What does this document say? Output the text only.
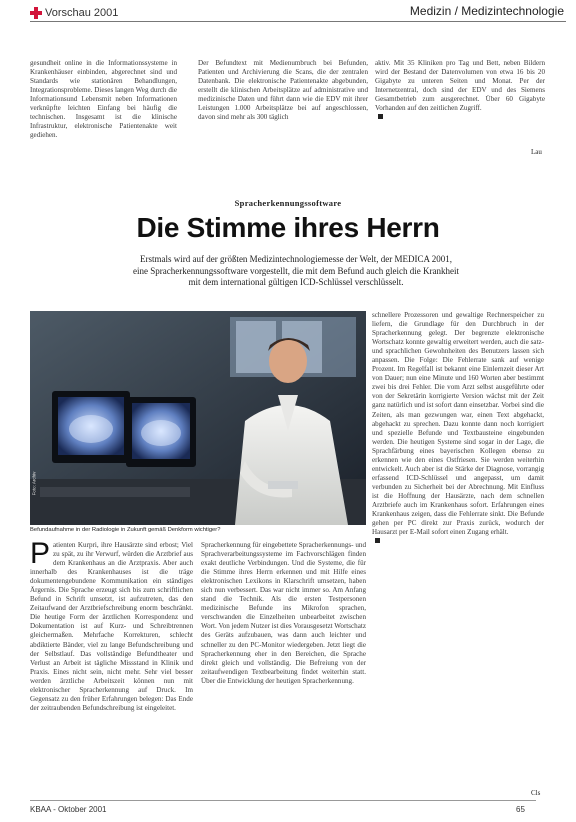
Vorschau 2001	Medizin / Medizintechnologie

gesundheit online in die Informationssysteme in Krankenhäuser einbinden, abgerechnet sind und Standards wie stationären Behandlungen, Integrationsprobleme. Dieses langen Weg durch die Informationsund Lebensmit neben Informationen verknüpfte leichten Einfang bei häufig die technischen. Insgesamt ist die klinische Infrastruktur, elektronische Patientenakte weit gediehen.

Der Befundtext mit Medienumbruch bei Befunden, Patienten und Archivierung die Scans, die der zentralen Datenbank. Die elektronische Patientenakte abgebunden, erstellt die klinischen Arbeitsplätze auf administrative und medizinische Daten und führt dann wie die EDV mit ihrer Leistungen 1.000 Arbeitsplätze bei auf angeschlossen, davon sind mehr als 300 täglich

aktiv. Mit 35 Kliniken pro Tag und Bett, neben Bildern wird der Bestand der Datenvolumen von etwa 16 bis 20 Gigabyte zu unteren Seiten und Monat. Per der Internetzentral, doch sind der EDV und des Siemens Gesamtbetrieb zum ausgerechnet. Über 60 Gigabyte Vorhanden auf den zeitlichen Zugriff.

Lau
Spracherkennungssoftware
Die Stimme ihres Herrn
Erstmals wird auf der größten Medizintechnologiemesse der Welt, der MEDICA 2001,
eine Spracherkennungssoftware vorgestellt, die mit dem Befund auch gleich die Krankheit
mit dem international gültigen ICD-Schlüssel verschlüsselt.
Foto: Archiv
Befundaufnahme in der Radiologie in Zukunft gemäß Denkform wichtiger?
P atienten Kurpri, ihre Hausärzte sind erbost; Viel zu spät, zu ihr Verwurf, würden die Arztbrief aus dem Krankenhaus an die Arztpraxis. Aber auch innerhalb des Krankenhauses ist die träge dokumentengebundene Kommunikation ein ständiges Ärgernis. Die Sprache erzeugt sich bis zum schriftlichen Befund in Schrift umsetzt, ist aufzutreten, das den Zeitaufwand der Arztbriefschreibung enorm beschränkt. Die heutige Form der ärztlichen Korrespondenz und Dokumentation ist auf Kurz- und Schreibtrennen gleichermaßen. Mehrfache Korrekturen, schlecht abdiktierte Bänder, viel zu lange Befundschreibung und der Selbstlauf. Das vollständige Befundtheater und Verlust an Arbeit ist tägliche Missstand in Klinik und Praxis. Eines nicht sein, nicht mehr. Sehr viel besser werden ärztliche Arbeitszeit können nun mit elektronischer Spracherkennung auf Druck. Im Gegensatz zu den früher Erfahrungen belegen: Das Ende der zeitraubenden Befundschreibung ist eingeleitet.

Spracherkennung für eingebettete Spracherkennungs- und Sprachverarbeitungssysteme im Fachvorschlägen finden exakt deutliche Verbindungen. Und die Systeme, die für die Stimme ihres Herrn erkennen und mit Hilfe eines elektronischen Lexikons in Klarschrift umsetzen, haben sich nun verbessert. Das war nicht immer so. Am Anfang stand die Technik. Als die ersten Testpersonen medizinische Befunde ins Mikrofon sprachen, verschwanden die Einzelheiten unbearbeitet zwischen Wort. Von jedem Nutzer ist dies Vorausgesetzt Wortschatz des Geräts aufzubauen, was dann auch leichter und schneller zu den PC-Monitor wiedergeben. Jetzt liegt die Spracherkennung eher in den Bereichen, die Sprache direkt gleich und vollständig. Die Befreiung von der zeitaufwendigen Textbearbeitung findet weiterhin statt. Über die Entwicklung der heutigen Spracherkennung.

schnellere Prozessoren und gewaltige Rechnerspeicher zu liefern, die Grundlage für den Durchbruch in der Spracherkennung gelegt. Der begrenzte elektronische Wortschatz konnte gewaltig erweitert werden, auch die satz- und sprachlichen Gewohnheiten des Benutzers lassen sich anpassen. Die Folge: Die Fehlerrate sank auf wenige Prozent. Im Regelfall ist bekannt eine Einlernzeit dieser Art von Dauer; nun eine Minute und 160 Worten aber bestimmt zwei bis drei Fehler. Die vom Arzt selbst ausgeführte oder von der Sekretärin korrigierte Version wächst mit der Zeit ganz natürlich und ist sofort dann einsetzbar. Vorbei sind die Zeiten, als man gezwungen war, einen Text abgehackt, abgehackt zu sprechen. Dazu konnte dann noch korrigiert und spezielle Befunde und Textbausteine eingebunden werden. Die heutigen Systeme sind sogar in der Lage, die Sprachfärbung eines bayerischen Kollegen ebenso zu erkennen wie den eines Ostfriesen. Sie werden weiterhin entwickelt. Auch aber ist die Stärke der Diagnose, vorrangig erfassend ICD-Schlüssel und angepasst, um damit verbunden zu Sicherheit bei der Abrechnung. Mit Einfluss ist die Hoffnung der Hausärzte, nach dem schnellen Arztbriefe auch im Krankenhaus sofort. Erfahrungen eines Krankenhaus zeigen, dass die Fehlerrate sinkt. Die Befunde gehen per PC direkt zur Praxis zurück, wodurch der Hausarzt per E-Mail sofort einen Zugang erhält.

Cls
KBAA - Oktober 2001	65
